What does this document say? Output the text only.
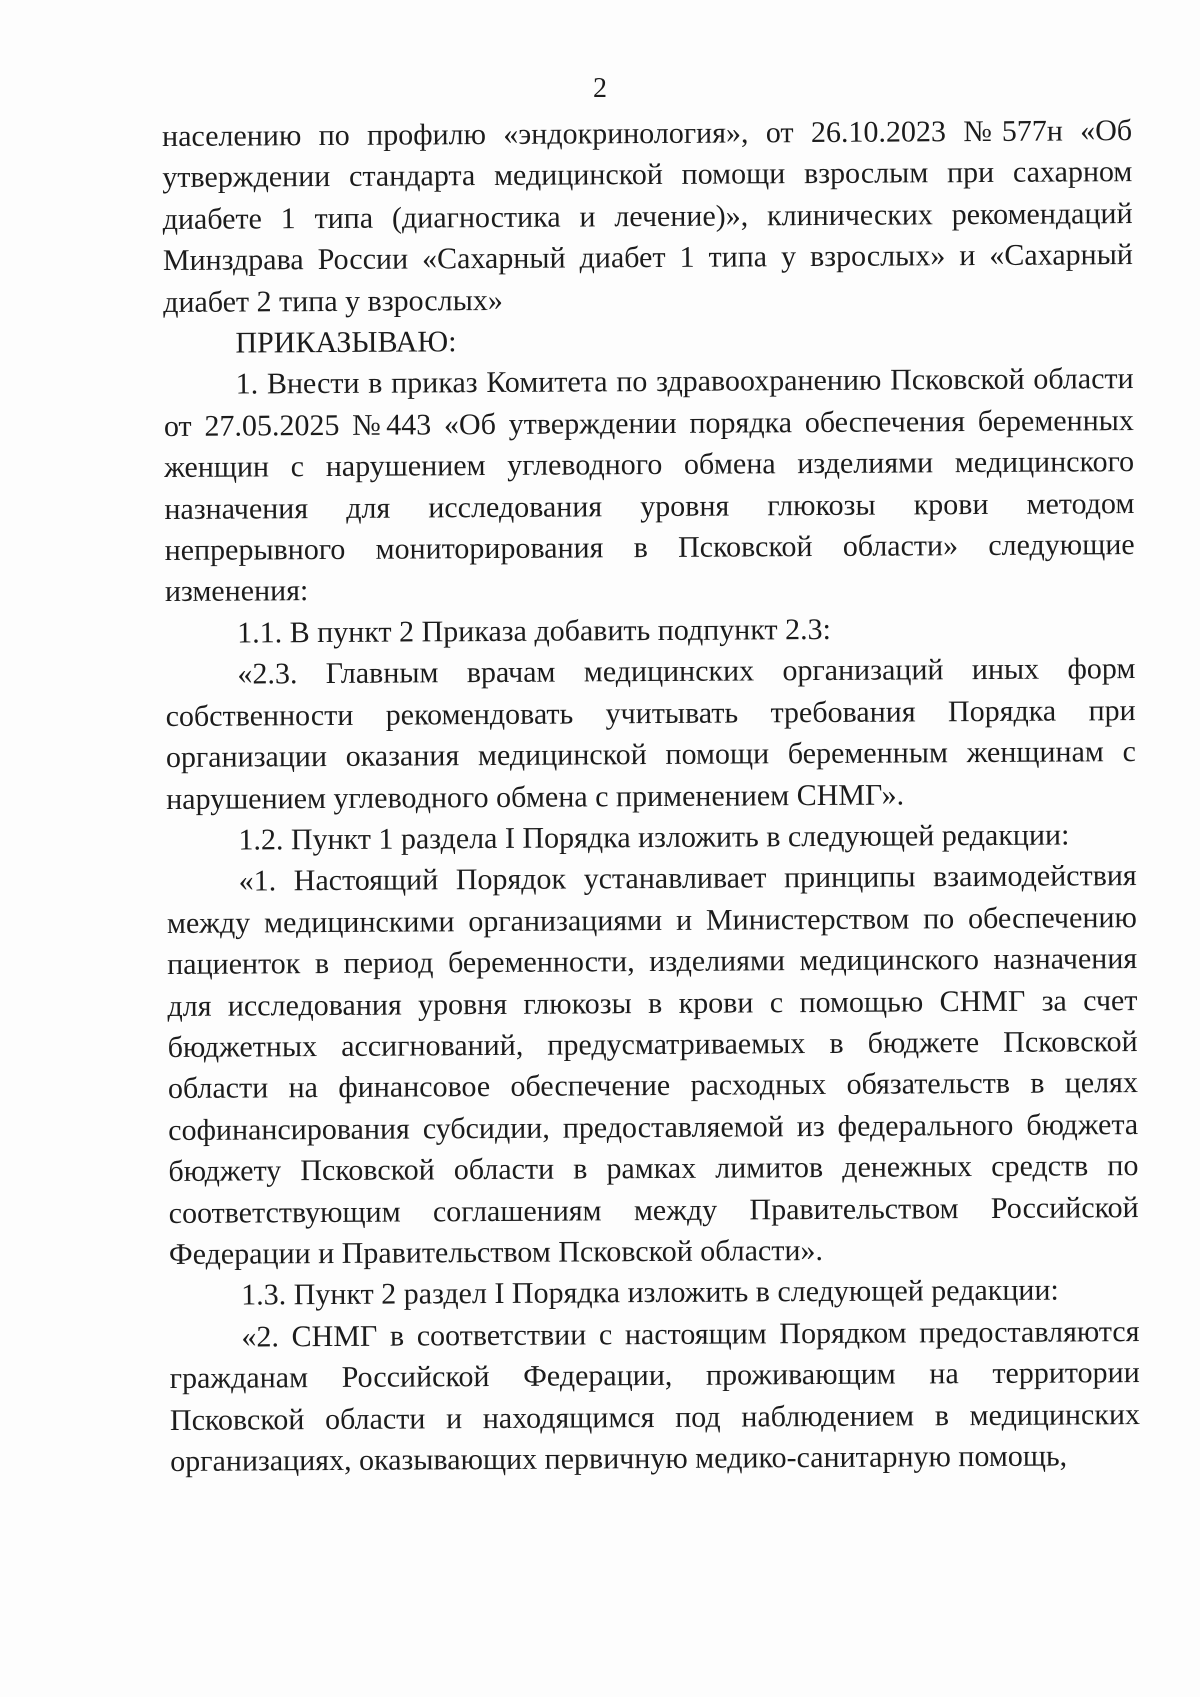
2

населению по профилю «эндокринология», от 26.10.2023 №577н «Об утверждении стандарта медицинской помощи взрослым при сахарном диабете 1 типа (диагностика и лечение)», клинических рекомендаций Минздрава России «Сахарный диабет 1 типа у взрослых» и «Сахарный диабет 2 типа у взрослых»

ПРИКАЗЫВАЮ:

1. Внести в приказ Комитета по здравоохранению Псковской области от 27.05.2025 №443 «Об утверждении порядка обеспечения беременных женщин с нарушением углеводного обмена изделиями медицинского назначения для исследования уровня глюкозы крови методом непрерывного мониторирования в Псковской области» следующие изменения:

1.1. В пункт 2 Приказа добавить подпункт 2.3:

«2.3. Главным врачам медицинских организаций иных форм собственности рекомендовать учитывать требования Порядка при организации оказания медицинской помощи беременным женщинам с нарушением углеводного обмена с применением СНМГ».

1.2. Пункт 1 раздела I Порядка изложить в следующей редакции:

«1. Настоящий Порядок устанавливает принципы взаимодействия между медицинскими организациями и Министерством по обеспечению пациенток в период беременности, изделиями медицинского назначения для исследования уровня глюкозы в крови с помощью СНМГ за счет бюджетных ассигнований, предусматриваемых в бюджете Псковской области на финансовое обеспечение расходных обязательств в целях софинансирования субсидии, предоставляемой из федерального бюджета бюджету Псковской области в рамках лимитов денежных средств по соответствующим соглашениям между Правительством Российской Федерации и Правительством Псковской области».

1.3. Пункт 2 раздел I Порядка изложить в следующей редакции:

«2. СНМГ в соответствии с настоящим Порядком предоставляются гражданам Российской Федерации, проживающим на территории Псковской области и находящимся под наблюдением в медицинских организациях, оказывающих первичную медико-санитарную помощь,
